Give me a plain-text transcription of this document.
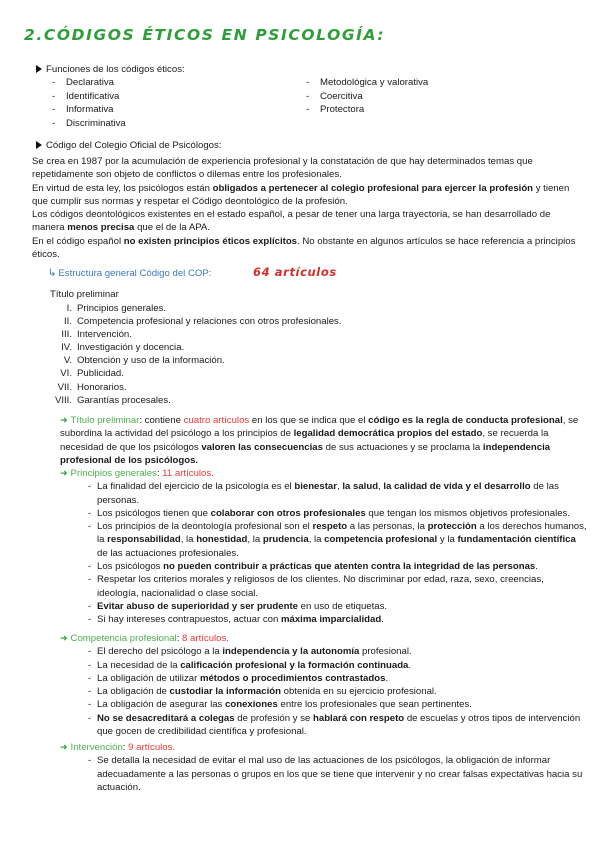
2.CÓDIGOS ÉTICOS EN PSICOLOGÍA:
Funciones de los códigos éticos:
- Declarativa
- Identificativa
- Informativa
- Discriminativa
- Metodológica y valorativa
- Coercitiva
- Protectora
Código del Colegio Oficial de Psicólogos:

Se crea en 1987 por la acumulación de experiencia profesional y la constatación de que hay determinados temas que repetidamente son objeto de conflictos o dilemas entre los profesionales.

En virtud de esta ley, los psicólogos están obligados a pertenecer al colegio profesional para ejercer la profesión y tienen que cumplir sus normas y respetar el Código deontológico de la profesión.

Los códigos deontológicos existentes en el estado español, a pesar de tener una larga trayectoria, se han desarrollado de manera menos precisa que el de la APA.

En el código español no existen principios éticos explícitos. No obstante en algunos artículos se hace referencia a principios éticos.

↳ Estructura general Código del COP:	64 artículos
Título preliminar
I. Principios generales.
II. Competencia profesional y relaciones con otros profesionales.
III. Intervención.
IV. Investigación y docencia.
V. Obtención y uso de la información.
VI. Publicidad.
VII. Honorarios.
VIII. Garantías procesales.
➜ Título preliminar: contiene cuatro artículos en los que se indica que el código es la regla de conducta profesional, se subordina la actividad del psicólogo a los principios de legalidad democrática propios del estado, se recuerda la necesidad de que los psicólogos valoren las consecuencias de sus actuaciones y se proclama la independencia profesional de los psicólogos.
➜ Principios generales: 11 artículos.
- La finalidad del ejercicio de la psicología es el bienestar, la salud, la calidad de vida y el desarrollo de las personas.
- Los psicólogos tienen que colaborar con otros profesionales que tengan los mismos objetivos profesionales.
- Los principios de la deontología profesional son el respeto a las personas, la protección a los derechos humanos, la responsabilidad, la honestidad, la prudencia, la competencia profesional y la fundamentación científica de las actuaciones profesionales.
- Los psicólogos no pueden contribuir a prácticas que atenten contra la integridad de las personas.
- Respetar los criterios morales y religiosos de los clientes. No discriminar por edad, raza, sexo, creencias, ideología, nacionalidad o clase social.
- Evitar abuso de superioridad y ser prudente en uso de etiquetas.
- Si hay intereses contrapuestos, actuar con máxima imparcialidad.
➜ Competencia profesional: 8 artículos.
- El derecho del psicólogo a la independencia y la autonomía profesional.
- La necesidad de la calificación profesional y la formación continuada.
- La obligación de utilizar métodos o procedimientos contrastados.
- La obligación de custodiar la información obtenida en su ejercicio profesional.
- La obligación de asegurar las conexiones entre los profesionales que sean pertinentes.
- No se desacreditará a colegas de profesión y se hablará con respeto de escuelas y otros tipos de intervención que gocen de credibilidad científica y profesional.
➜ Intervención: 9 artículos.
- Se detalla la necesidad de evitar el mal uso de las actuaciones de los psicólogos, la obligación de informar adecuadamente a las personas o grupos en los que se tiene que intervenir y no crear falsas expectativas hacia su actuación.
